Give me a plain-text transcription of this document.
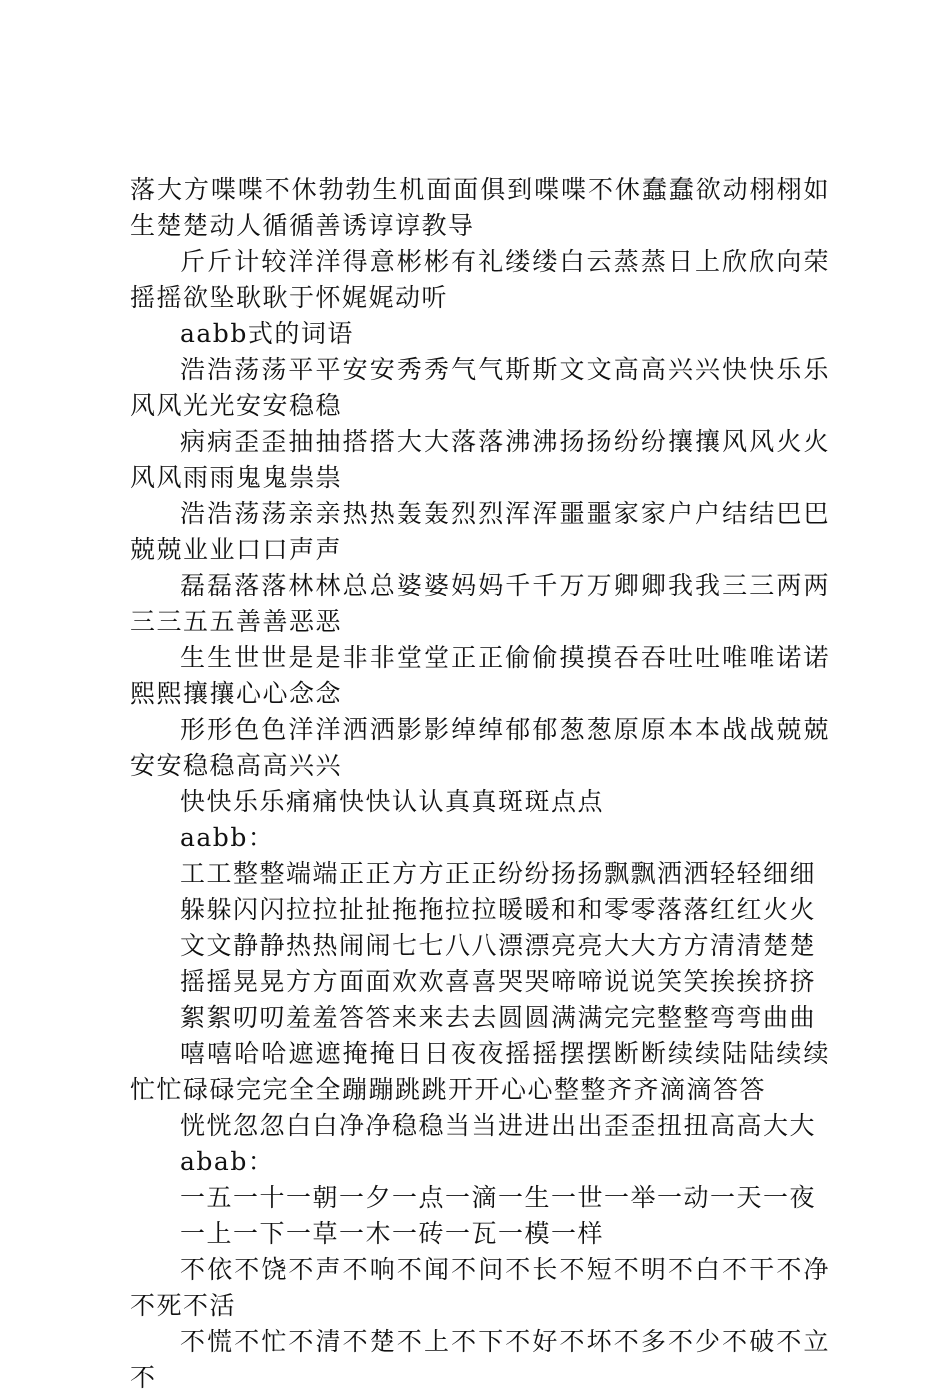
落大方喋喋不休勃勃生机面面俱到喋喋不休蠢蠢欲动栩栩如生楚楚动人循循善诱谆谆教导

斤斤计较洋洋得意彬彬有礼缕缕白云蒸蒸日上欣欣向荣摇摇欲坠耿耿于怀娓娓动听

aabb式的词语

浩浩荡荡平平安安秀秀气气斯斯文文高高兴兴快快乐乐风风光光安安稳稳

病病歪歪抽抽搭搭大大落落沸沸扬扬纷纷攘攘风风火火风风雨雨鬼鬼祟祟

浩浩荡荡亲亲热热轰轰烈烈浑浑噩噩家家户户结结巴巴兢兢业业口口声声

磊磊落落林林总总婆婆妈妈千千万万卿卿我我三三两两三三五五善善恶恶

生生世世是是非非堂堂正正偷偷摸摸吞吞吐吐唯唯诺诺熙熙攘攘心心念念

形形色色洋洋洒洒影影绰绰郁郁葱葱原原本本战战兢兢安安稳稳高高兴兴

快快乐乐痛痛快快认认真真斑斑点点

aabb：

工工整整端端正正方方正正纷纷扬扬飘飘洒洒轻轻细细

躲躲闪闪拉拉扯扯拖拖拉拉暖暖和和零零落落红红火火

文文静静热热闹闹七七八八漂漂亮亮大大方方清清楚楚

摇摇晃晃方方面面欢欢喜喜哭哭啼啼说说笑笑挨挨挤挤

絮絮叨叨羞羞答答来来去去圆圆满满完完整整弯弯曲曲

嘻嘻哈哈遮遮掩掩日日夜夜摇摇摆摆断断续续陆陆续续忙忙碌碌完完全全蹦蹦跳跳开开心心整整齐齐滴滴答答

恍恍忽忽白白净净稳稳当当进进出出歪歪扭扭高高大大

abab：

一五一十一朝一夕一点一滴一生一世一举一动一天一夜

一上一下一草一木一砖一瓦一模一样

不依不饶不声不响不闻不问不长不短不明不白不干不净不死不活

不慌不忙不清不楚不上不下不好不坏不多不少不破不立不
